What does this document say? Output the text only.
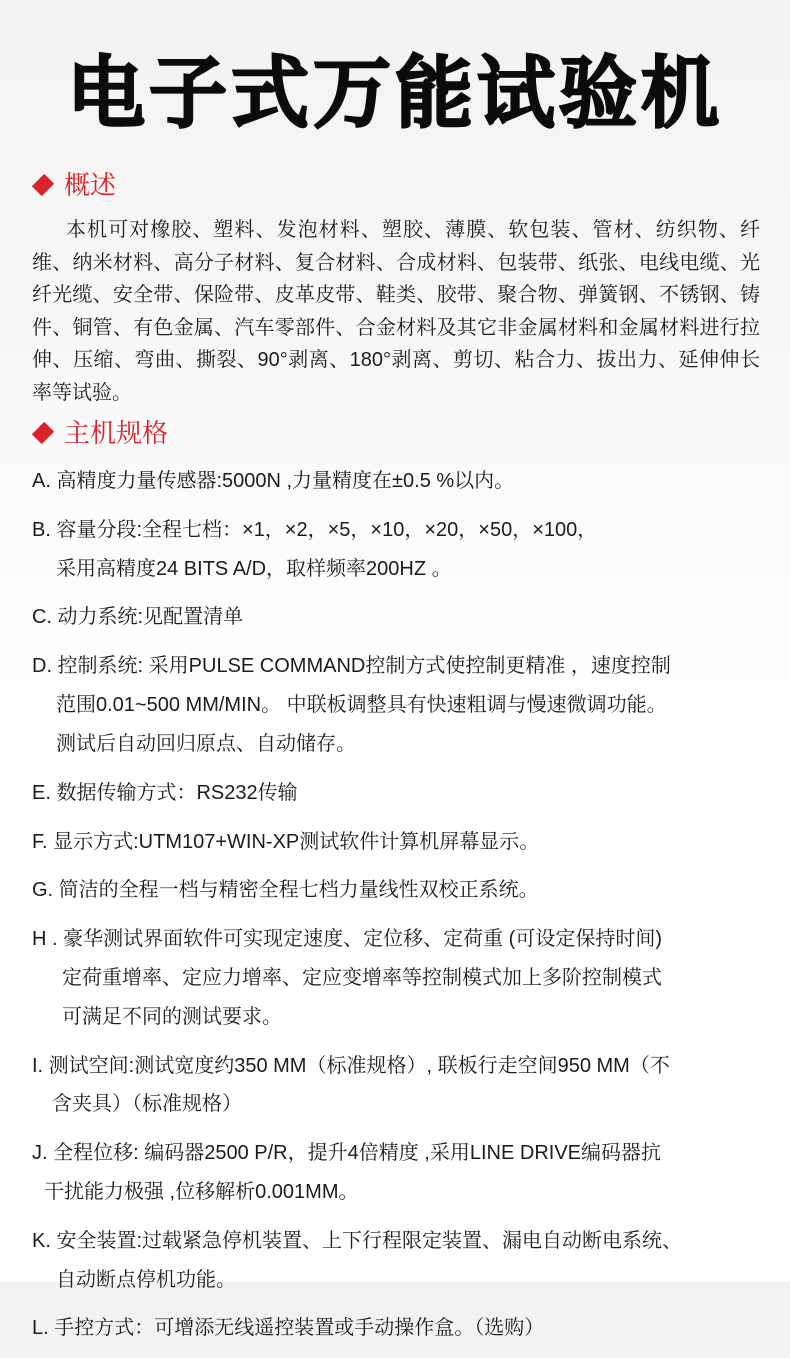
电子式万能试验机
概述

本机可对橡胶、塑料、发泡材料、塑胶、薄膜、软包装、管材、纺织物、纤维、纳米材料、高分子材料、复合材料、合成材料、包装带、纸张、电线电缆、光纤光缆、安全带、保险带、皮革皮带、鞋类、胶带、聚合物、弹簧钢、不锈钢、铸件、铜管、有色金属、汽车零部件、合金材料及其它非金属材料和金属材料进行拉伸、压缩、弯曲、撕裂、90°剥离、180°剥离、剪切、粘合力、拔出力、延伸伸长率等试验。

主机规格
A. 高精度力量传感器:5000N ,力量精度在±0.5 %以内。
B. 容量分段:全程七档：×1，×2，×5，×10，×20，×50，×100，
采用高精度24 BITS A/D，取样频率200HZ 。
C. 动力系统:见配置清单
D. 控制系统: 采用PULSE COMMAND控制方式使控制更精准 ，速度控制
范围0.01~500 MM/MIN。 中联板调整具有快速粗调与慢速微调功能。
测试后自动回归原点、自动储存。
E. 数据传输方式：RS232传输
F. 显示方式:UTM107+WIN-XP测试软件计算机屏幕显示。
G. 简洁的全程一档与精密全程七档力量线性双校正系统。
H . 豪华测试界面软件可实现定速度、定位移、定荷重 (可设定保持时间)
定荷重增率、定应力增率、定应变增率等控制模式加上多阶控制模式
可满足不同的测试要求。
I. 测试空间:测试宽度约350 MM（标准规格）, 联板行走空间950 MM（不
含夹具）（标准规格）
J. 全程位移: 编码器2500 P/R，提升4倍精度 ,采用LINE DRIVE编码器抗
干扰能力极强 ,位移解析0.001MM。
K. 安全装置:过载紧急停机装置、上下行程限定装置、漏电自动断电系统、
自动断点停机功能。
L. 手控方式：可增添无线遥控装置或手动操作盒。（选购）
